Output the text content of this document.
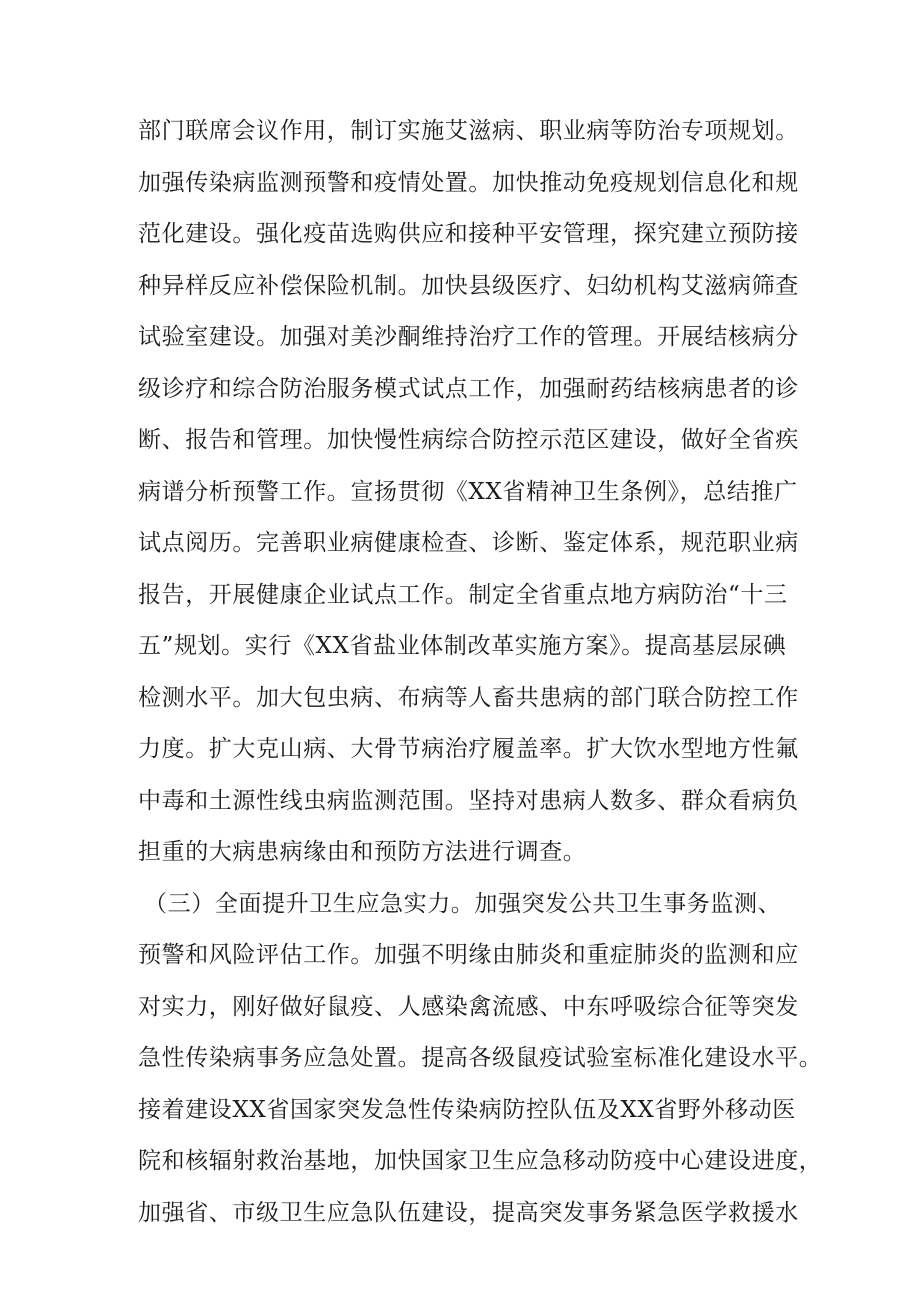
部门联席会议作用，制订实施艾滋病、职业病等防治专项规划。
加强传染病监测预警和疫情处置。加快推动免疫规划信息化和规
范化建设。强化疫苗选购供应和接种平安管理，探究建立预防接
种异样反应补偿保险机制。加快县级医疗、妇幼机构艾滋病筛查
试验室建设。加强对美沙酮维持治疗工作的管理。开展结核病分
级诊疗和综合防治服务模式试点工作，加强耐药结核病患者的诊
断、报告和管理。加快慢性病综合防控示范区建设，做好全省疾
病谱分析预警工作。宣扬贯彻《XX省精神卫生条例》，总结推广
试点阅历。完善职业病健康检查、诊断、鉴定体系，规范职业病
报告，开展健康企业试点工作。制定全省重点地方病防治“十三
五”规划。实行《XX省盐业体制改革实施方案》。提高基层尿碘
检测水平。加大包虫病、布病等人畜共患病的部门联合防控工作
力度。扩大克山病、大骨节病治疗履盖率。扩大饮水型地方性氟
中毒和土源性线虫病监测范围。坚持对患病人数多、群众看病负
担重的大病患病缘由和预防方法进行调查。
（三）全面提升卫生应急实力。加强突发公共卫生事务监测、
预警和风险评估工作。加强不明缘由肺炎和重症肺炎的监测和应
对实力，刚好做好鼠疫、人感染禽流感、中东呼吸综合征等突发
急性传染病事务应急处置。提高各级鼠疫试验室标准化建设水平。
接着建设XX省国家突发急性传染病防控队伍及XX省野外移动医
院和核辐射救治基地，加快国家卫生应急移动防疫中心建设进度，
加强省、市级卫生应急队伍建设，提高突发事务紧急医学救援水
